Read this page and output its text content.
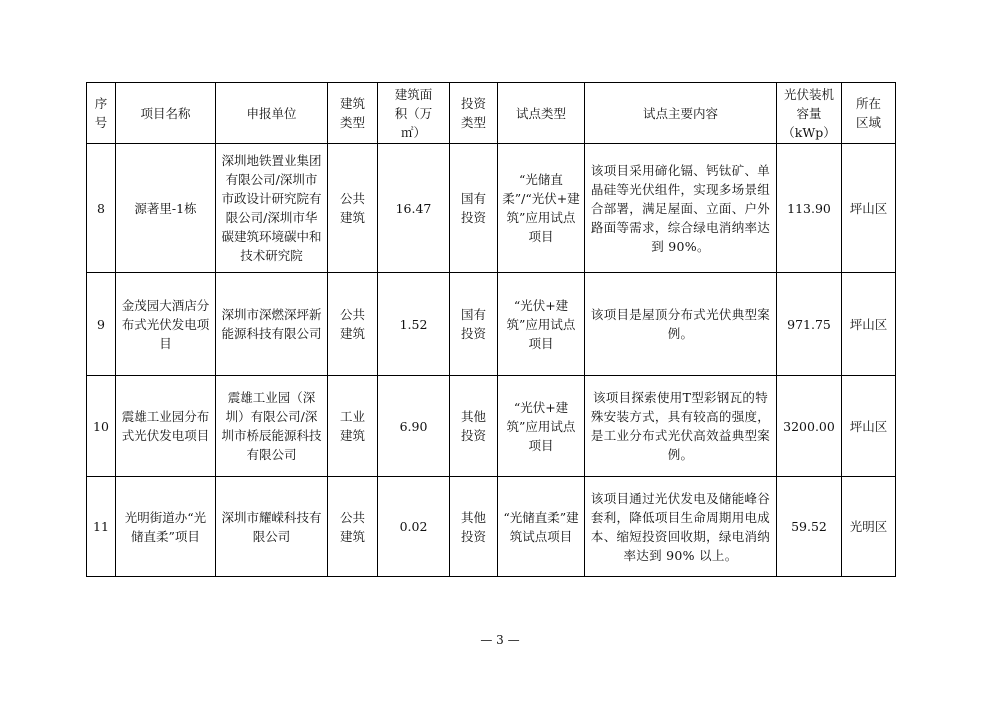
序号	项目名称	申报单位	建筑类型	建筑面积（万㎡）	投资类型	试点类型	试点主要内容	光伏装机容量（kWp）	所在区域
8	源著里-1栋	深圳地铁置业集团有限公司/深圳市市政设计研究院有限公司/深圳市华碳建筑环境碳中和技术研究院	公共建筑	16.47	国有投资	“光储直柔”/“光伏+建筑”应用试点项目	该项目采用碲化镉、钙钛矿、单晶硅等光伏组件，实现多场景组合部署，满足屋面、立面、户外路面等需求，综合绿电消纳率达到 90%。	113.90	坪山区
9	金茂园大酒店分布式光伏发电项目	深圳市深燃深坪新能源科技有限公司	公共建筑	1.52	国有投资	“光伏+建筑”应用试点项目	该项目是屋顶分布式光伏典型案例。	971.75	坪山区
10	震雄工业园分布式光伏发电项目	震雄工业园（深圳）有限公司/深圳市桥辰能源科技有限公司	工业建筑	6.90	其他投资	“光伏+建筑”应用试点项目	该项目探索使用T型彩钢瓦的特殊安装方式，具有较高的强度，是工业分布式光伏高效益典型案例。	3200.00	坪山区
11	光明街道办“光储直柔”项目	深圳市耀嵘科技有限公司	公共建筑	0.02	其他投资	“光储直柔”建筑试点项目	该项目通过光伏发电及储能峰谷套利，降低项目生命周期用电成本、缩短投资回收期，绿电消纳率达到 90% 以上。	59.52	光明区
— 3 —
